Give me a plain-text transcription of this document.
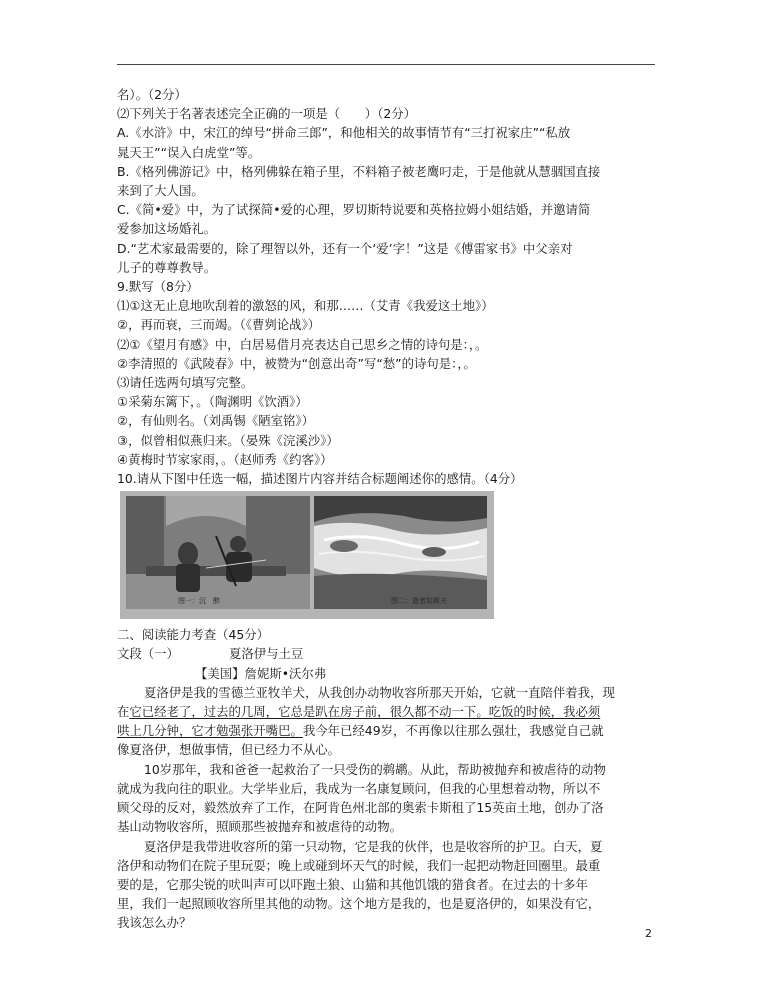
名）。（2分）
⑵下列关于名著表述完全正确的一项是（　　）（2分）
A.《水浒》中，宋江的绰号“拼命三郎”，和他相关的故事情节有“三打祝家庄”“私放
晁天王”“误入白虎堂”等。
B.《格列佛游记》中，格列佛躲在箱子里，不料箱子被老鹰叼走，于是他就从慧骃国直接
来到了大人国。
C.《简•爱》中，为了试探简•爱的心理，罗切斯特说要和英格拉姆小姐结婚，并邀请简
爱参加这场婚礼。
D.“艺术家最需要的，除了理智以外，还有一个‘爱’字！”这是《傅雷家书》中父亲对
儿子的尊尊教导。
9.默写（8分）
⑴①这无止息地吹刮着的激怒的风，和那……（艾青《我爱这土地》）
②，再而衰，三而竭。（《曹刿论战》）
⑵①《望月有感》中，白居易借月亮表达自己思乡之情的诗句是：，。
②李清照的《武陵春》中，被赞为“创意出奇”写“愁”的诗句是：，。
⑶请任选两句填写完整。
①采菊东篱下，。（陶渊明《饮酒》）
②，有仙则名。（刘禹锡《陋室铭》）
③，似曾相似燕归来。（晏殊《浣溪沙》）
④黄梅时节家家雨，。（赵师秀《约客》）
10.请从下图中任选一幅，描述图片内容并结合标题阐述你的感情。（4分）
图一：沉　醉	图二：逝者如斯夫
二、阅读能力考查（45分）
文段（一）	夏洛伊与土豆
【美国】詹妮斯•沃尔弗
夏洛伊是我的雪德兰亚牧羊犬，从我创办动物收容所那天开始，它就一直陪伴着我，现
在它已经老了，过去的几周，它总是趴在房子前，很久都不动一下。吃饭的时候，我必须
哄上几分钟，它才勉强张开嘴巴。我今年已经49岁，不再像以往那么强壮，我感觉自己就
像夏洛伊，想做事情，但已经力不从心。
10岁那年，我和爸爸一起救治了一只受伤的鹈鹕。从此，帮助被抛弃和被虐待的动物
就成为我向往的职业。大学毕业后，我成为一名康复顾问，但我的心里想着动物，所以不
顾父母的反对，毅然放弃了工作，在阿肯色州北部的奥索卡斯租了15英亩土地，创办了洛
基山动物收容所，照顾那些被抛弃和被虐待的动物。
夏洛伊是我带进收容所的第一只动物，它是我的伙伴，也是收容所的护卫。白天，夏
洛伊和动物们在院子里玩耍；晚上或碰到坏天气的时候，我们一起把动物赶回圈里。最重
要的是，它那尖锐的吠叫声可以吓跑土狼、山猫和其他饥饿的猎食者。在过去的十多年
里，我们一起照顾收容所里其他的动物。这个地方是我的，也是夏洛伊的，如果没有它，
我该怎么办？
2
